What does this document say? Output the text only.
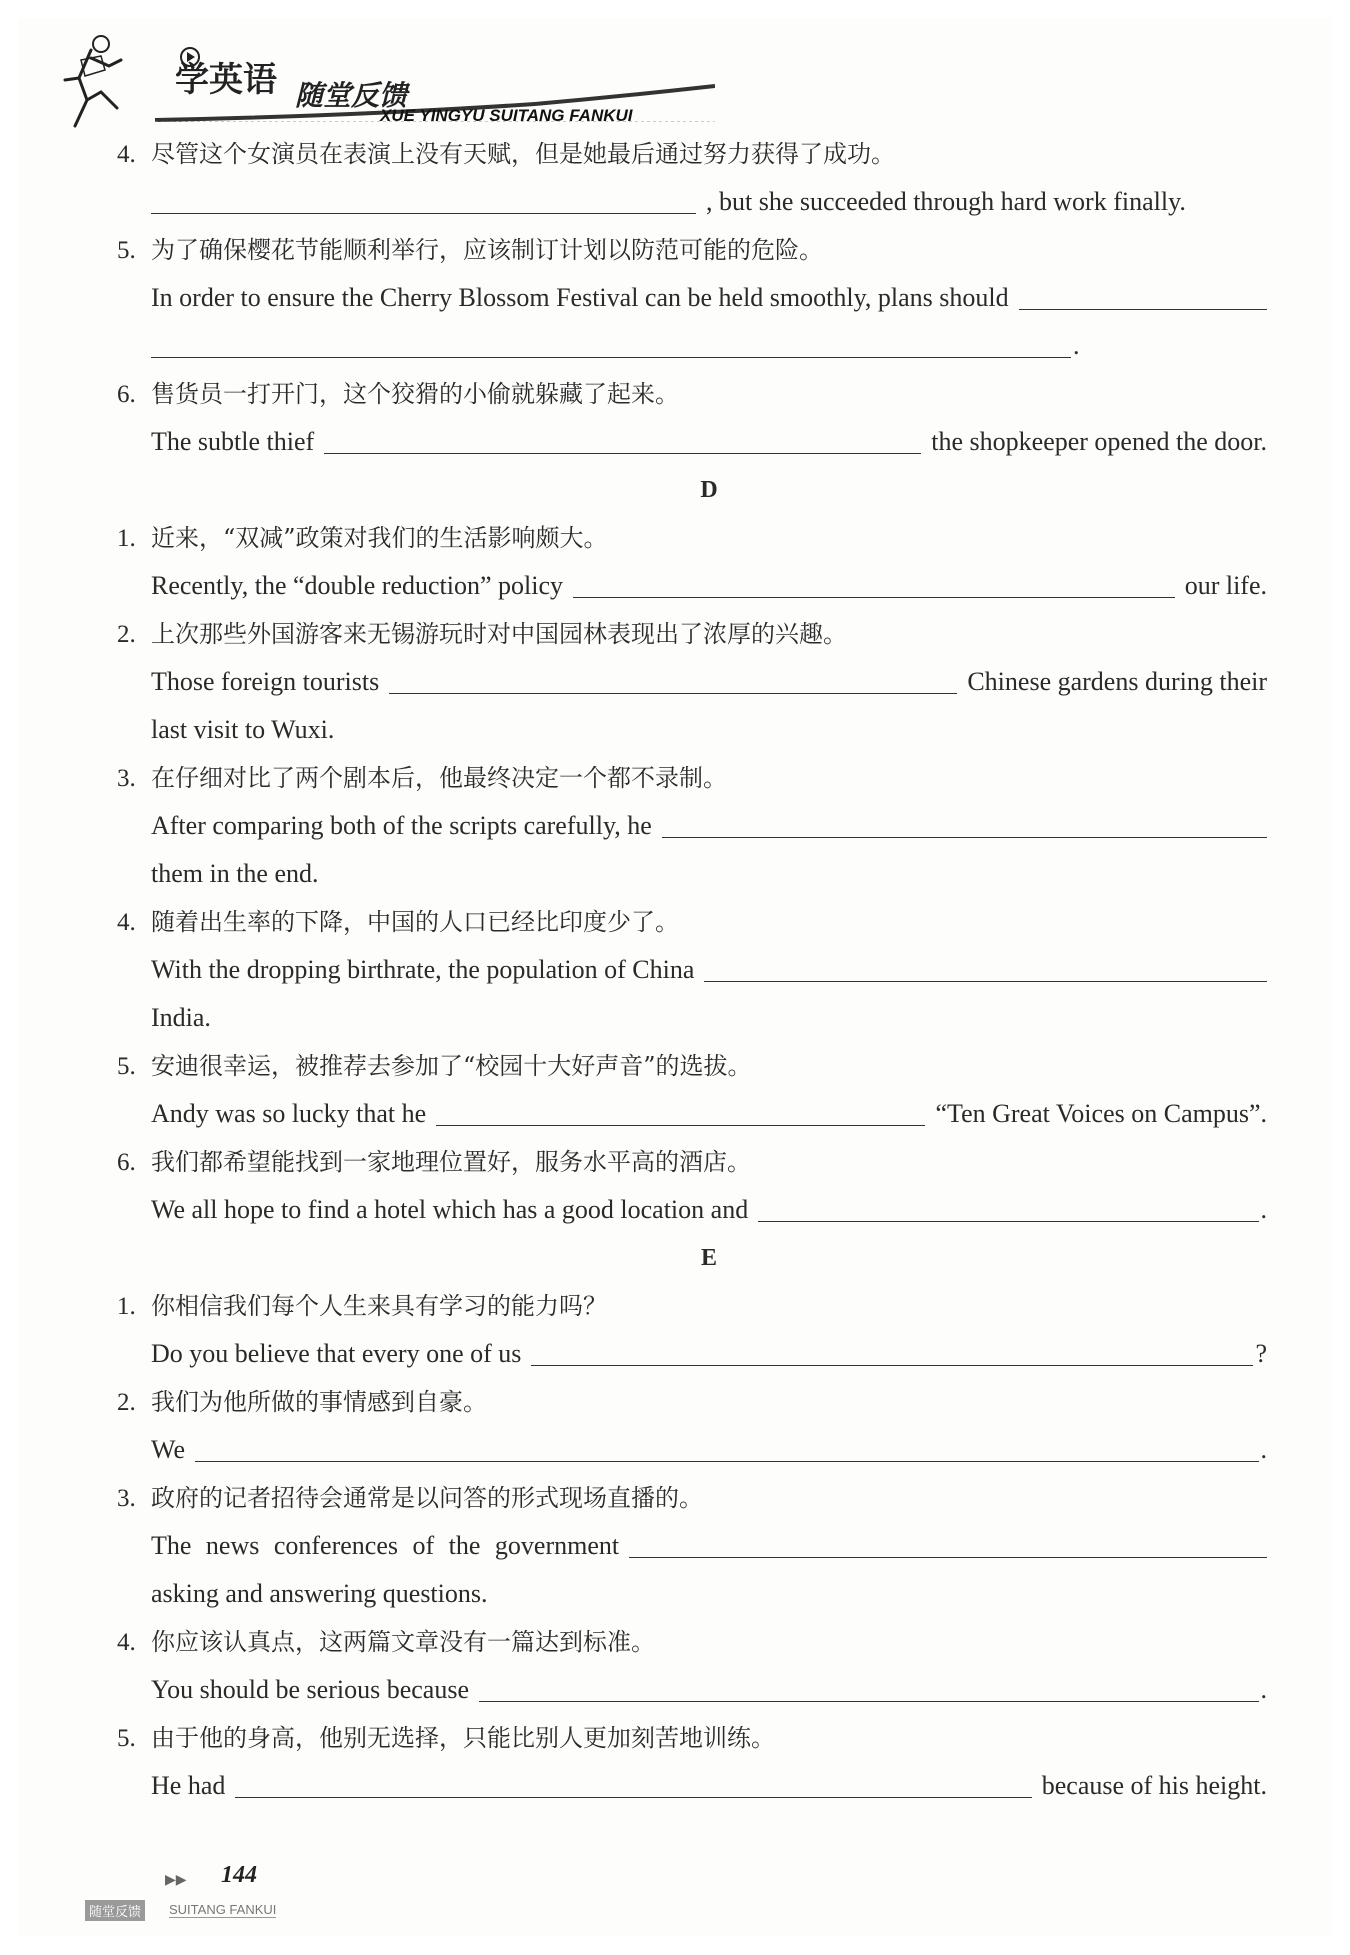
学英语 随堂反馈
XUE YINGYU SUITANG FANKUI
4. 尽管这个女演员在表演上没有天赋，但是她最后通过努力获得了成功。
, but she succeeded through hard work finally.
5. 为了确保樱花节能顺利举行，应该制订计划以防范可能的危险。
In order to ensure the Cherry Blossom Festival can be held smoothly, plans should
.
6. 售货员一打开门，这个狡猾的小偷就躲藏了起来。
The subtle thief	the shopkeeper opened the door.
D
1. 近来，“双减”政策对我们的生活影响颇大。
Recently, the “double reduction” policy	our life.
2. 上次那些外国游客来无锡游玩时对中国园林表现出了浓厚的兴趣。
Those foreign tourists	Chinese gardens during their
last visit to Wuxi.
3. 在仔细对比了两个剧本后，他最终决定一个都不录制。
After comparing both of the scripts carefully, he
them in the end.
4. 随着出生率的下降，中国的人口已经比印度少了。
With the dropping birthrate, the population of China
India.
5. 安迪很幸运，被推荐去参加了“校园十大好声音”的选拔。
Andy was so lucky that he	“Ten Great Voices on Campus”.
6. 我们都希望能找到一家地理位置好，服务水平高的酒店。
We all hope to find a hotel which has a good location and	.
E
1. 你相信我们每个人生来具有学习的能力吗？
Do you believe that every one of us	?
2. 我们为他所做的事情感到自豪。
We	.
3. 政府的记者招待会通常是以问答的形式现场直播的。
The news conferences of the government
asking and answering questions.
4. 你应该认真点，这两篇文章没有一篇达到标准。
You should be serious because	.
5. 由于他的身高，他别无选择，只能比别人更加刻苦地训练。
He had	because of his height.
▶▶ 144
随堂反馈	SUITANG FANKUI
